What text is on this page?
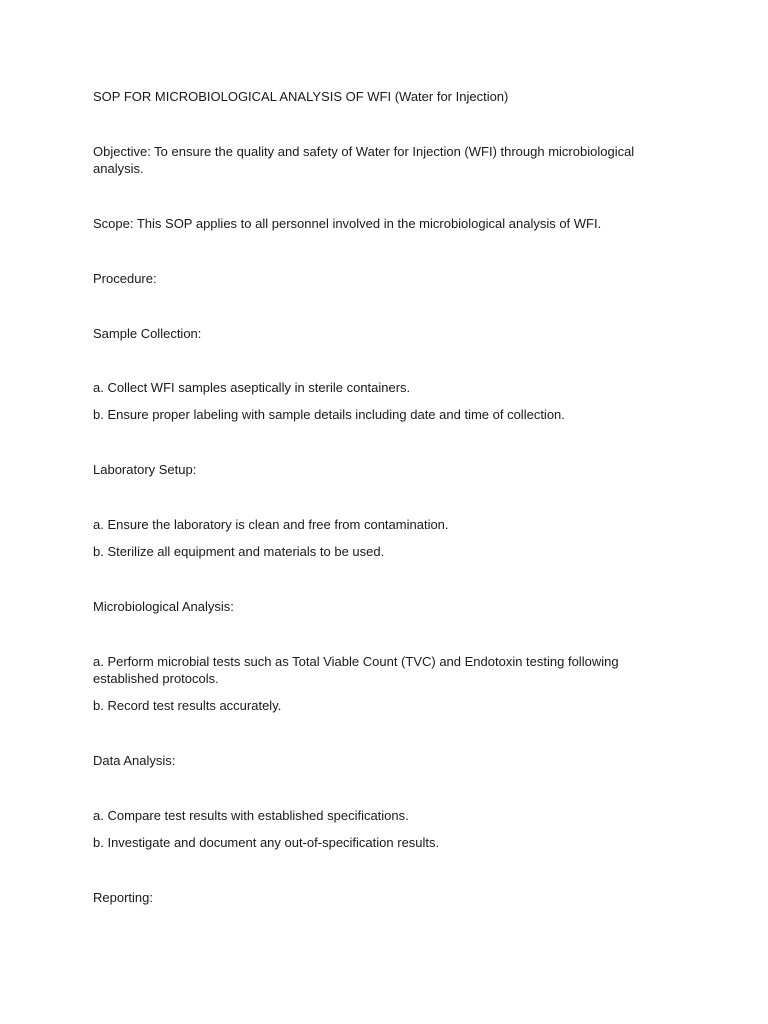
SOP FOR MICROBIOLOGICAL ANALYSIS OF WFI (Water for Injection)
Objective: To ensure the quality and safety of Water for Injection (WFI) through microbiological analysis.
Scope: This SOP applies to all personnel involved in the microbiological analysis of WFI.
Procedure:
Sample Collection:
a. Collect WFI samples aseptically in sterile containers.
b. Ensure proper labeling with sample details including date and time of collection.
Laboratory Setup:
a. Ensure the laboratory is clean and free from contamination.
b. Sterilize all equipment and materials to be used.
Microbiological Analysis:
a. Perform microbial tests such as Total Viable Count (TVC) and Endotoxin testing following established protocols.
b. Record test results accurately.
Data Analysis:
a. Compare test results with established specifications.
b. Investigate and document any out-of-specification results.
Reporting:
